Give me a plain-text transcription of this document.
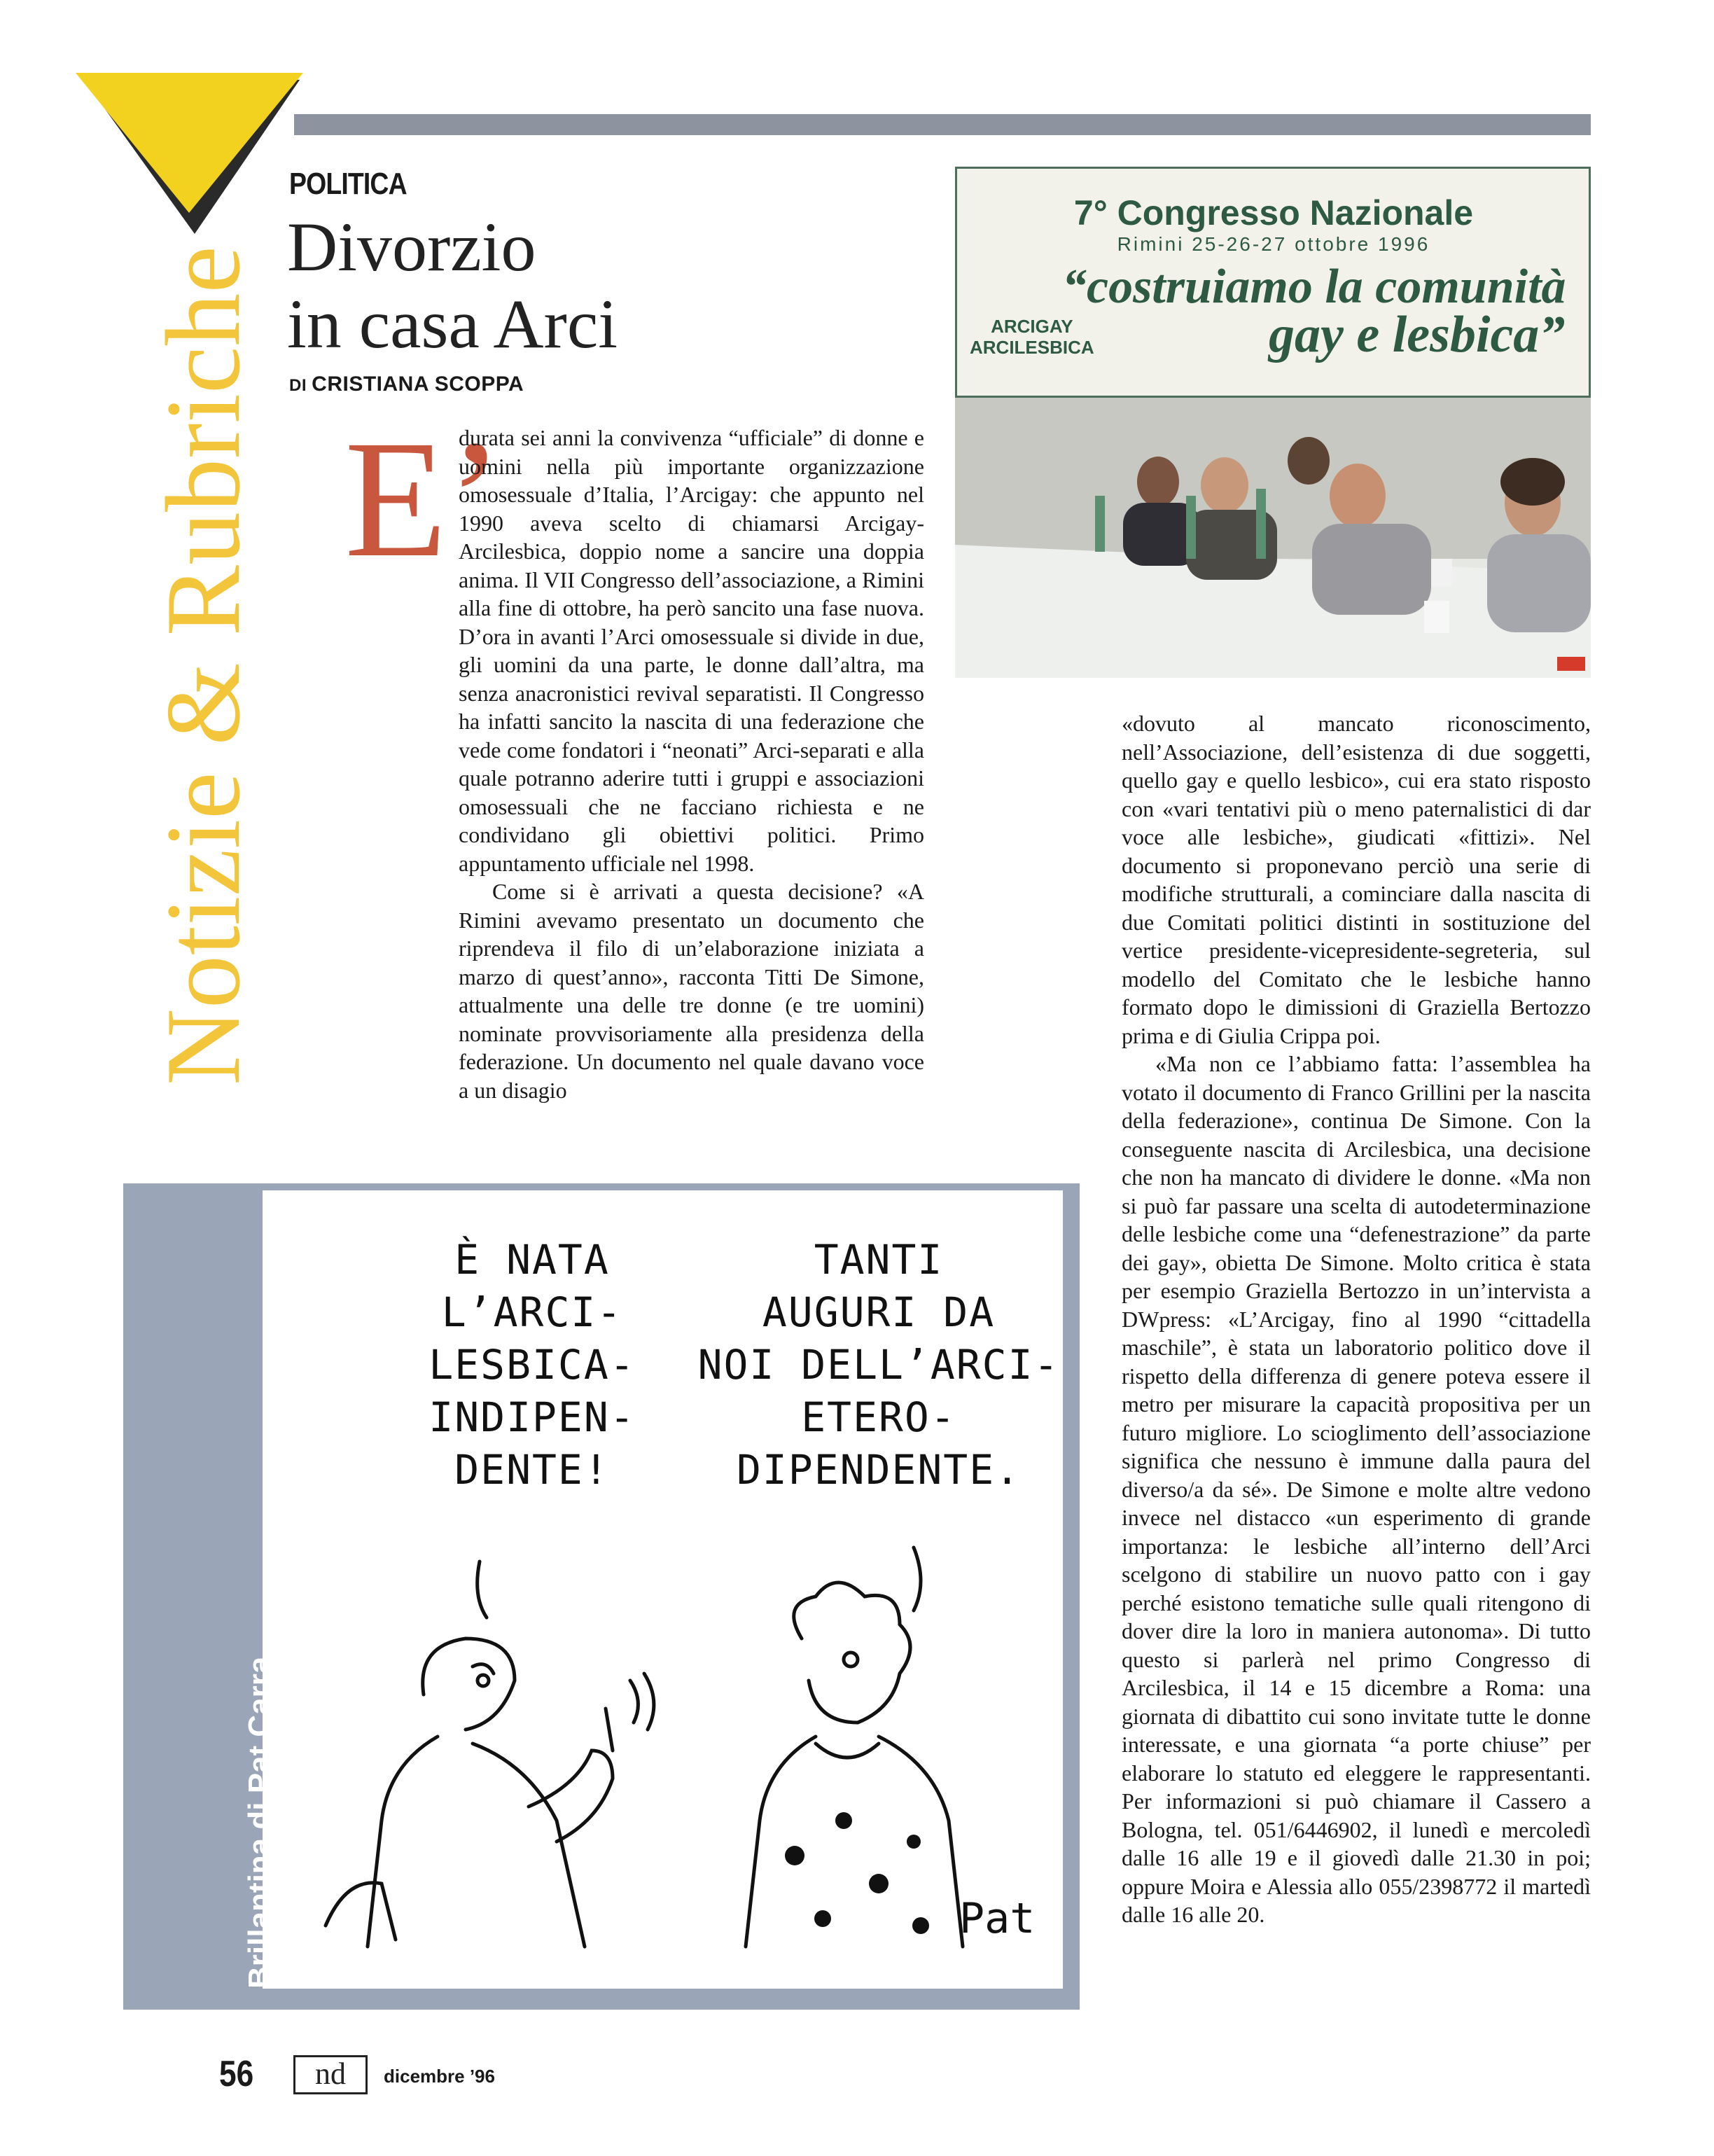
Notizie & Rubriche
POLITICA
Divorzio
in casa Arci
DI CRISTIANA SCOPPA
7° Congresso Nazionale
Rimini 25-26-27 ottobre 1996
“costruiamo la comunità
gay e lesbica”
ARCIGAY
ARCILESBICA
E’

durata sei anni la convivenza “ufficiale” di donne e uomini nella più importante organizzazione omosessuale d’Italia, l’Arcigay: che appunto nel 1990 aveva scelto di chiamarsi Arcigay-Arcilesbica, doppio nome a sancire una doppia anima. Il VII Congresso dell’associazione, a Rimini alla fine di ottobre, ha però sancito una fase nuova. D’ora in avanti l’Arci omosessuale si divide in due, gli uomini da una parte, le donne dall’altra, ma senza anacronistici revival separatisti. Il Congresso ha infatti sancito la nascita di una federazione che vede come fondatori i “neonati” Arci-separati e alla quale potranno aderire tutti i gruppi e associazioni omosessuali che ne facciano richiesta e ne condividano gli obiettivi politici. Primo appuntamento ufficiale nel 1998.

Come si è arrivati a questa decisione? «A Rimini avevamo presentato un documento che riprendeva il filo di un’elaborazione iniziata a marzo di quest’anno», racconta Titti De Simone, attualmente una delle tre donne (e tre uomini) nominate provvisoriamente alla presidenza della federazione. Un documento nel quale davano voce a un disagio

«dovuto al mancato riconoscimento, nell’Associazione, dell’esistenza di due soggetti, quello gay e quello lesbico», cui era stato risposto con «vari tentativi più o meno paternalistici di dar voce alle lesbiche», giudicati «fittizi». Nel documento si proponevano perciò una serie di modifiche strutturali, a cominciare dalla nascita di due Comitati politici distinti in sostituzione del vertice presidente-vicepresidente-segreteria, sul modello del Comitato che le lesbiche hanno formato dopo le dimissioni di Graziella Bertozzo prima e di Giulia Crippa poi.

«Ma non ce l’abbiamo fatta: l’assemblea ha votato il documento di Franco Grillini per la nascita della federazione», continua De Simone. Con la conseguente nascita di Arcilesbica, una decisione che non ha mancato di dividere le donne. «Ma non si può far passare una scelta di autodeterminazione delle lesbiche come una “defenestrazione” da parte dei gay», obietta De Simone. Molto critica è stata per esempio Graziella Bertozzo in un’intervista a DWpress: «L’Arcigay, fino al 1990 “cittadella maschile”, è stata un laboratorio politico dove il rispetto della differenza di genere poteva essere il metro per misurare la capacità propositiva per un futuro migliore. Lo scioglimento dell’associazione significa che nessuno è immune dalla paura del diverso/a da sé». De Simone e molte altre vedono invece nel distacco «un esperimento di grande importanza: le lesbiche all’interno dell’Arci scelgono di stabilire un nuovo patto con i gay perché esistono tematiche sulle quali ritengono di dover dire la loro in maniera autonoma». Di tutto questo si parlerà nel primo Congresso di Arcilesbica, il 14 e 15 dicembre a Roma: una giornata di dibattito cui sono invitate tutte le donne interessate, e una giornata “a porte chiuse” per elaborare lo statuto ed eleggere le rappresentanti. Per informazioni si può chiamare il Cassero a Bologna, tel. 051/6446902, il lunedì e mercoledì dalle 16 alle 19 e il giovedì dalle 21.30 in poi; oppure Moira e Alessia allo 055/2398772 il martedì dalle 16 alle 20.

Brillantina di Pat Carra
È NATA
L’ARCI-
LESBICA-
INDIPEN-
DENTE!
TANTI
AUGURI DA
NOI DELL’ARCI-
ETERO-
DIPENDENTE.
Pat
56	nd	dicembre ’96
